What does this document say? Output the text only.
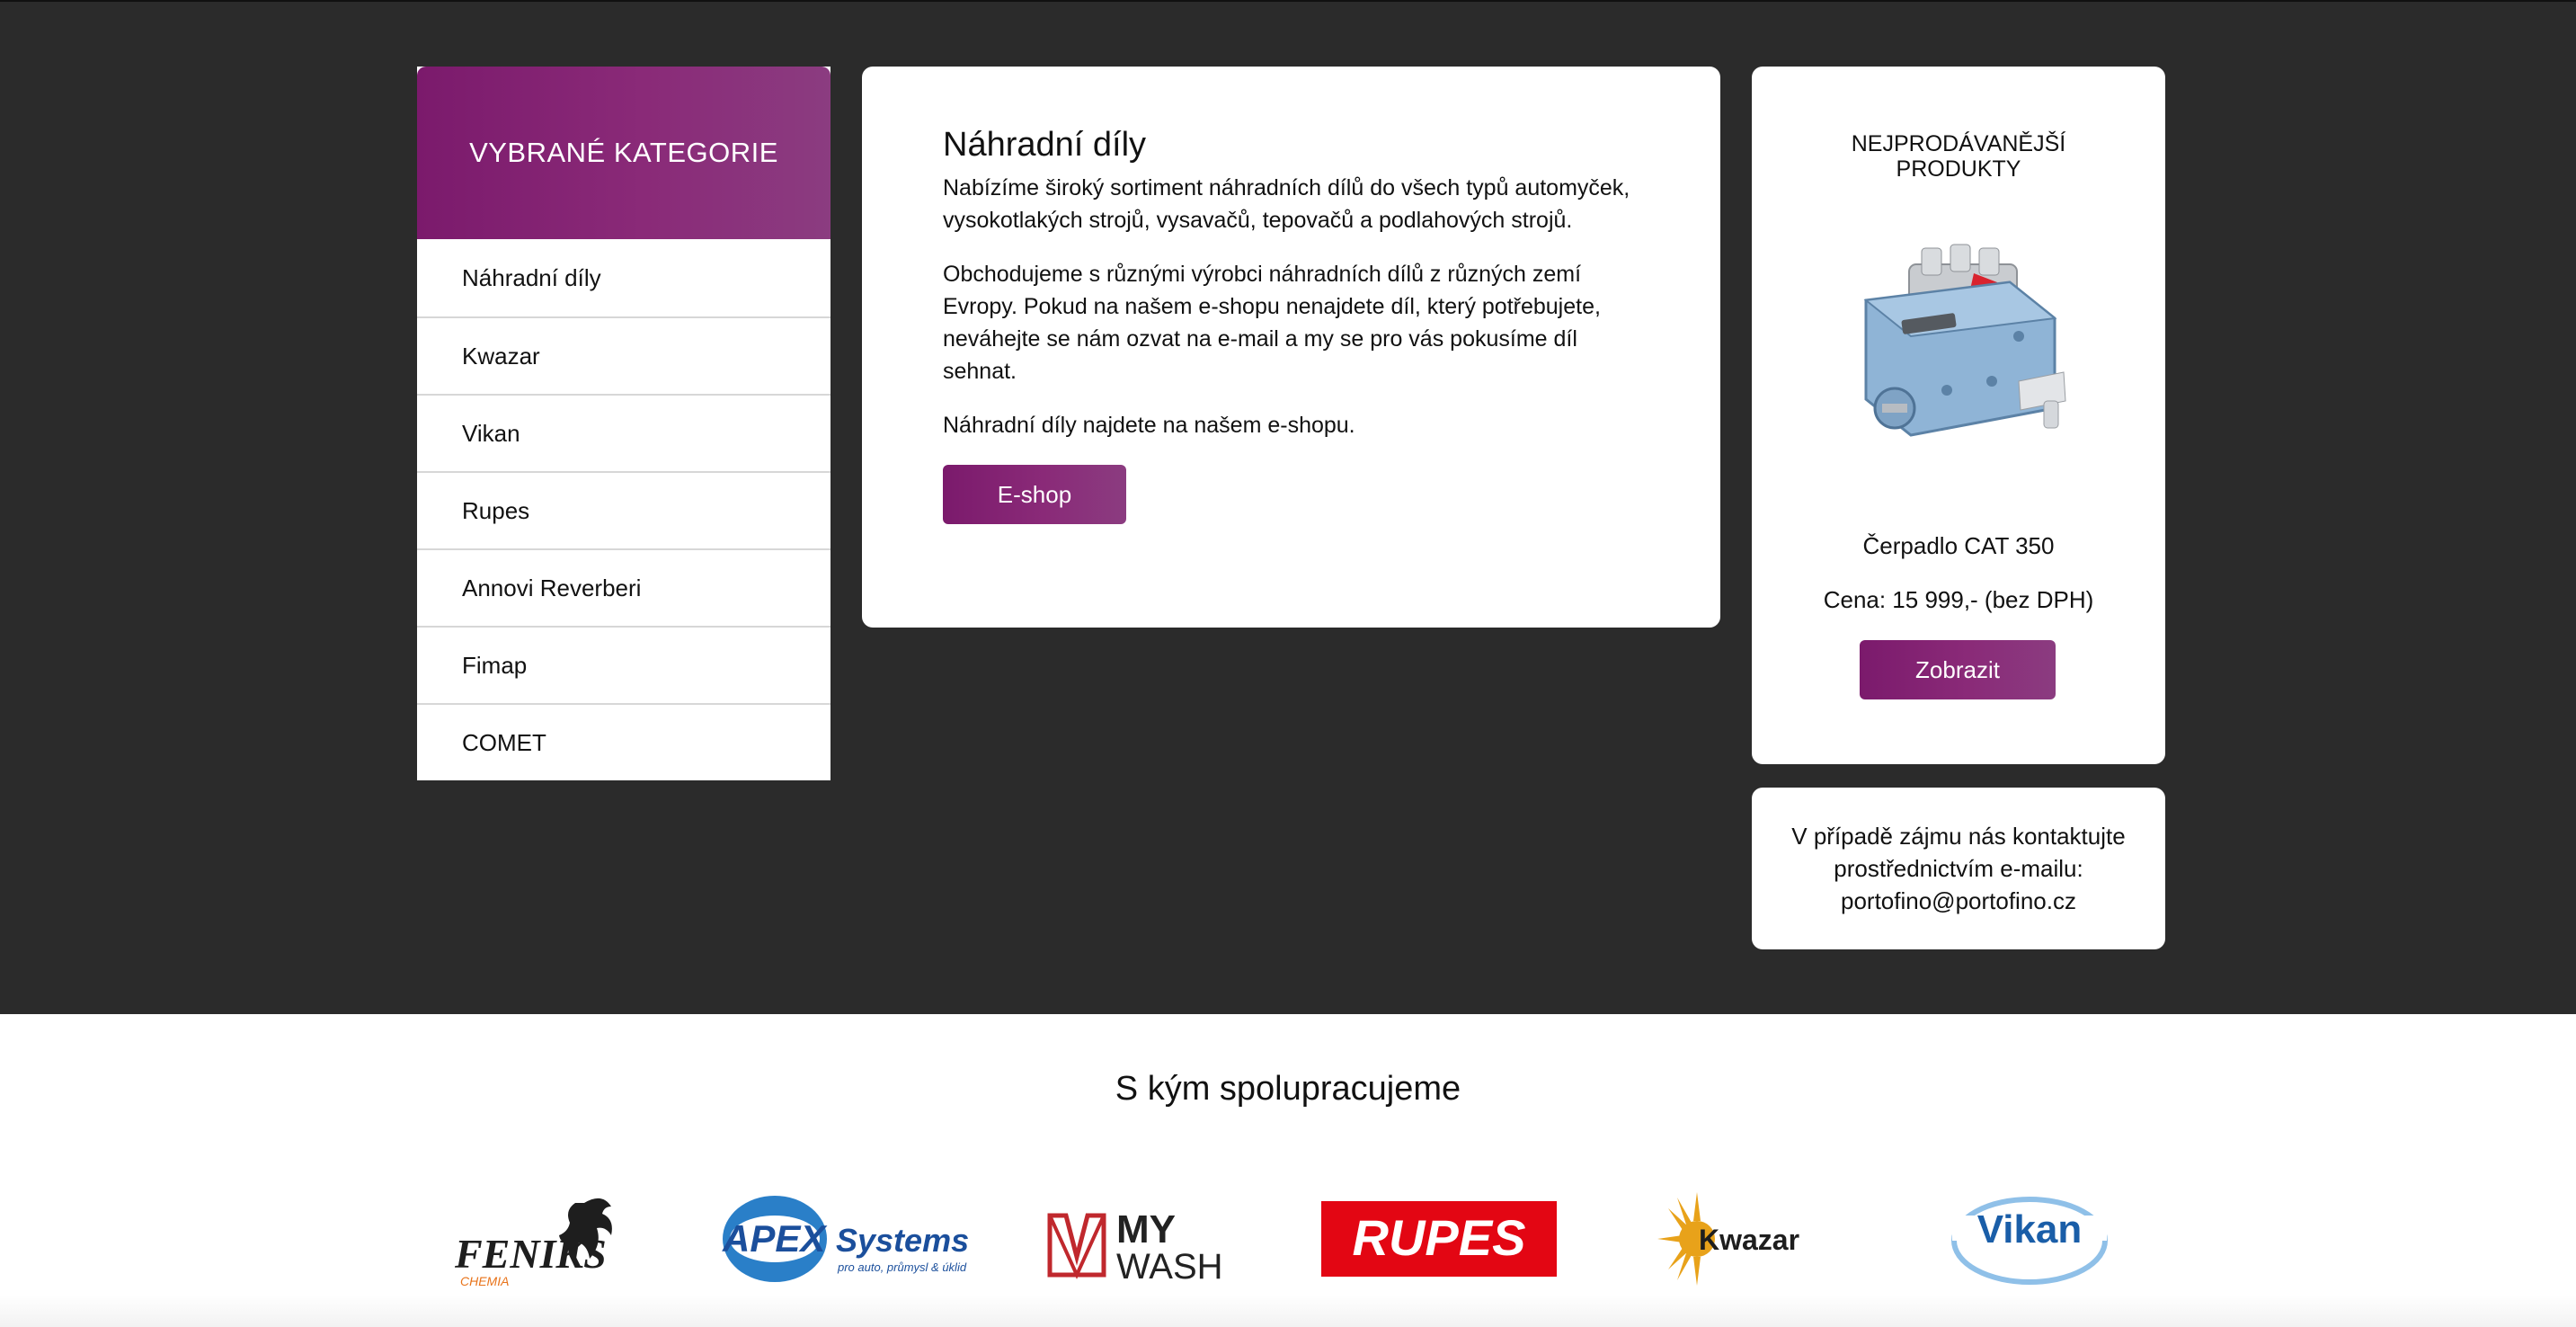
VYBRANÉ KATEGORIE
Náhradní díly
Kwazar
Vikan
Rupes
Annovi Reverberi
Fimap
COMET
Náhradní díly

Nabízíme široký sortiment náhradních dílů do všech typů automyček, vysokotlakých strojů, vysavačů, tepovačů a podlahových strojů.

Obchodujeme s různými výrobci náhradních dílů z různých zemí Evropy. Pokud na našem e-shopu nenajdete díl, který potřebujete, neváhejte se nám ozvat na e-mail a my se pro vás pokusíme díl sehnat.

Náhradní díly najdete na našem e-shopu.

E-shop
NEJPRODÁVANĚJŠÍ
PRODUKTY
Čerpadlo CAT 350
Cena: 15 999,- (bez DPH)
Zobrazit
V případě zájmu nás kontaktujte
prostřednictvím e-mailu:
portofino@portofino.cz
S kým spolupracujeme
FENIKS
CHEMIA
APEX Systems
pro auto, průmysl & úklid
MY
WASH
RUPES	Kwazar	Vikan
